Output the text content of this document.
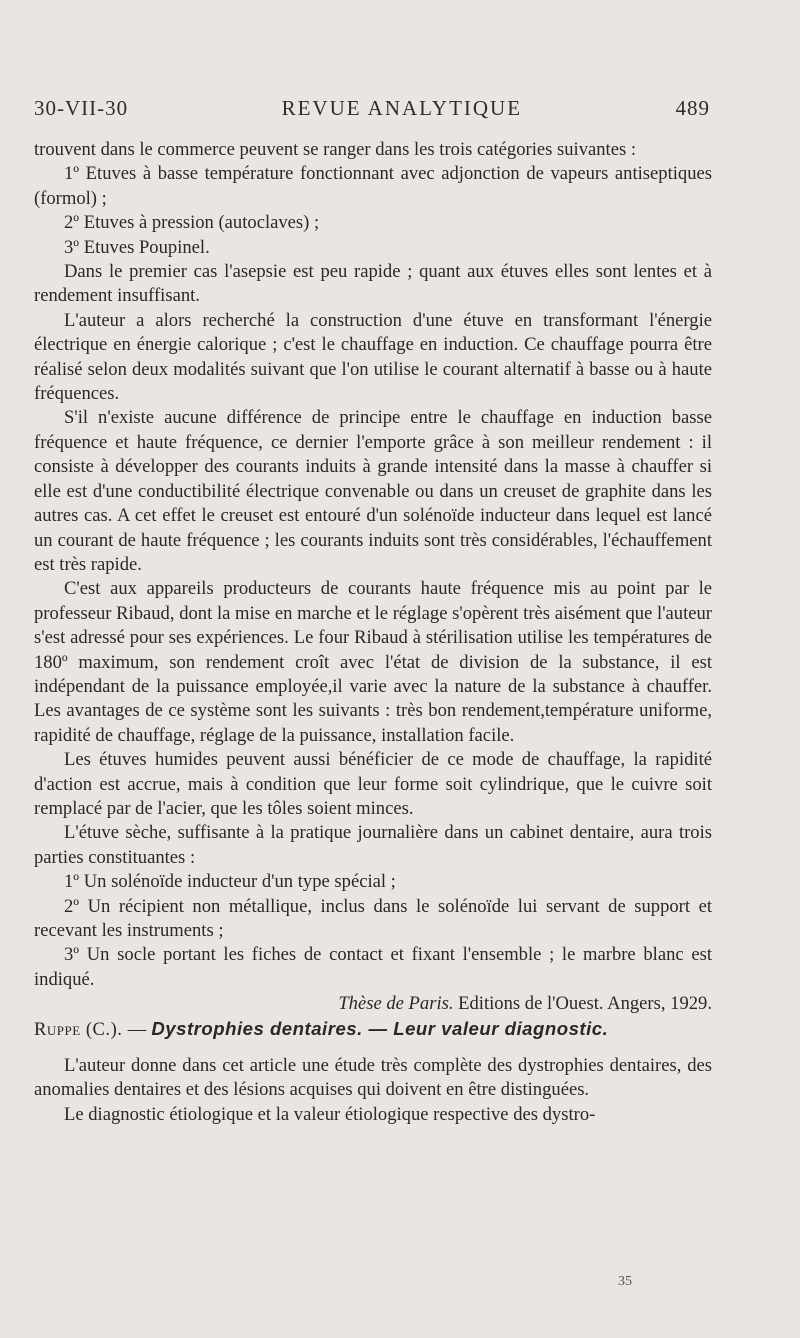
30-VII-30	REVUE ANALYTIQUE	489

trouvent dans le commerce peuvent se ranger dans les trois catégories suivantes :

1º Etuves à basse température fonctionnant avec adjonction de vapeurs antiseptiques (formol) ;

2º Etuves à pression (autoclaves) ;

3º Etuves Poupinel.

Dans le premier cas l'asepsie est peu rapide ; quant aux étuves elles sont lentes et à rendement insuffisant.

L'auteur a alors recherché la construction d'une étuve en transformant l'énergie électrique en énergie calorique ; c'est le chauffage en induction. Ce chauffage pourra être réalisé selon deux modalités suivant que l'on utilise le courant alternatif à basse ou à haute fréquences.

S'il n'existe aucune différence de principe entre le chauffage en induction basse fréquence et haute fréquence, ce dernier l'emporte grâce à son meilleur rendement : il consiste à développer des courants induits à grande intensité dans la masse à chauffer si elle est d'une conductibilité électrique convenable ou dans un creuset de graphite dans les autres cas. A cet effet le creuset est entouré d'un solénoïde inducteur dans lequel est lancé un courant de haute fréquence ; les courants induits sont très considérables, l'échauffement est très rapide.

C'est aux appareils producteurs de courants haute fréquence mis au point par le professeur Ribaud, dont la mise en marche et le réglage s'opèrent très aisément que l'auteur s'est adressé pour ses expériences. Le four Ribaud à stérilisation utilise les températures de 180º maximum, son rendement croît avec l'état de division de la substance, il est indépendant de la puissance employée,il varie avec la nature de la substance à chauffer. Les avantages de ce système sont les suivants : très bon rendement,température uniforme, rapidité de chauffage, réglage de la puissance, installation facile.

Les étuves humides peuvent aussi bénéficier de ce mode de chauffage, la rapidité d'action est accrue, mais à condition que leur forme soit cylindrique, que le cuivre soit remplacé par de l'acier, que les tôles soient minces.

L'étuve sèche, suffisante à la pratique journalière dans un cabinet dentaire, aura trois parties constituantes :

1º Un solénoïde inducteur d'un type spécial ;

2º Un récipient non métallique, inclus dans le solénoïde lui servant de support et recevant les instruments ;

3º Un socle portant les fiches de contact et fixant l'ensemble ; le marbre blanc est indiqué.

Thèse de Paris. Editions de l'Ouest. Angers, 1929.

Ruppe (C.). — Dystrophies dentaires. — Leur valeur diagnostic.

L'auteur donne dans cet article une étude très complète des dystrophies dentaires, des anomalies dentaires et des lésions acquises qui doivent en être distinguées.

Le diagnostic étiologique et la valeur étiologique respective des dystro-

35
